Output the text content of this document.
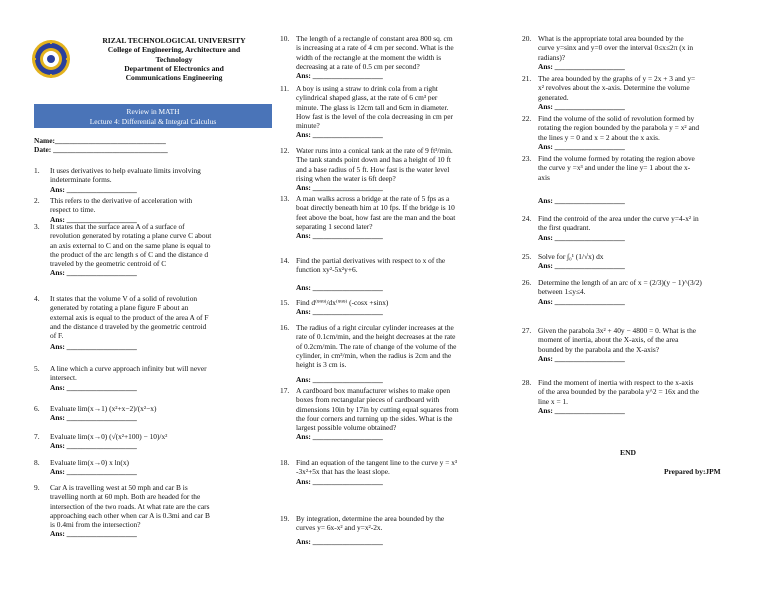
RIZAL TECHNOLOGICAL UNIVERSITY
College of Engineering, Architecture and
Technology
Department of Electronics and
Communications Engineering
Review in MATH
Lecture 4: Differential & Integral Calculus
Name:______________________________
Date: _______________________________
1.	It uses derivatives to help evaluate limits involving
indeterminate forms.
Ans: ___________________
2.	This refers to the derivative of acceleration with
respect to time.
Ans: ___________________
3.	It states that the surface area A of a surface of
revolution generated by rotating a plane curve C about
an axis external to C and on the same plane is equal to
the product of the arc length s of C and the distance d
traveled by the geometric centroid of C
Ans: ___________________
4.	It states that the volume V of a solid of revolution
generated by rotating a plane figure F about an
external axis is equal to the product of the area A of F
and the distance d traveled by the geometric centroid
of F.
Ans: ___________________
5.	A line which a curve approach infinity but will never
intersect.
Ans: ___________________
6.	Evaluate lim(x→1) (x²+x−2)/(x²−x)
Ans: ___________________
7.	Evaluate lim(x→0) (√(x²+100) − 10)/x²
Ans: ___________________
8.	Evaluate lim(x→0) x ln(x)
Ans: ___________________
9.	Car A is travelling west at 50 mph and car B is
travelling north at 60 mph. Both are headed for the
intersection of the two roads. At what rate are the cars
approaching each other when car A is 0.3mi and car B
is 0.4mi from the intersection?
Ans: ___________________
10. The length of a rectangle of constant area 800 sq. cm
is increasing at a rate of 4 cm per second. What is the
width of the rectangle at the moment the width is
decreasing at a rate of 0.5 cm per second?
Ans: ___________________
11. A boy is using a straw to drink cola from a right
cylindrical shaped glass, at the rate of 6 cm³ per
minute. The glass is 12cm tall and 6cm in diameter.
How fast is the level of the cola decreasing in cm per
minute?
Ans: ___________________
12. Water runs into a conical tank at the rate of 9 ft³/min.
The tank stands point down and has a height of 10 ft
and a base radius of 5 ft. How fast is the water level
rising when the water is 6ft deep?
Ans: ___________________
13. A man walks across a bridge at the rate of 5 fps as a
boat directly beneath him at 10 fps. If the bridge is 10
feet above the boat, how fast are the man and the boat
separating 1 second later?
Ans: ___________________
14. Find the partial derivatives with respect to x of the
function xy²-5x²y+6.
Ans: ___________________
15. Find d⁽⁹⁹⁹⁾/dx⁽⁹⁹⁹⁾ (-cosx +sinx)
Ans: ___________________
16. The radius of a right circular cylinder increases at the
rate of 0.1cm/min, and the height decreases at the rate
of 0.2cm/min. The rate of change of the volume of the
cylinder, in cm³/min, when the radius is 2cm and the
height is 3 cm is.
Ans: ___________________
17. A cardboard box manufacturer wishes to make open
boxes from rectangular pieces of cardboard with
dimensions 10in by 17in by cutting equal squares from
the four corners and turning up the sides. What is the
largest possible volume obtained?
Ans: ___________________
18. Find an equation of the tangent line to the curve y = x³
-3x²+5x that has the least slope.
Ans: ___________________
19. By integration, determine the area bounded by the
curves y= 6x-x² and y=x²-2x.
Ans: ___________________
20. What is the appropriate total area bounded by the
curve y=sinx and y=0 over the interval 0≤x≤2π (x in
radians)?
Ans: ___________________
21. The area bounded by the graphs of y = 2x + 3 and y=
x² revolves about the x-axis. Determine the volume
generated.
Ans: ___________________
22. Find the volume of the solid of revolution formed by
rotating the region bounded by the parabola y = x² and
the lines y = 0 and x = 2 about the x axis.
Ans: ___________________
23. Find the volume formed by rotating the region above
the curve y =x³ and under the line y= 1 about the x-
axis
Ans: ___________________
24. Find the centroid of the area under the curve y=4-x² in
the first quadrant.
Ans: ___________________
25. Solve for ∫₀¹ (1/√x) dx
Ans: ___________________
26. Determine the length of an arc of x = (2/3)(y − 1)^(3/2)
between 1≤y≤4.
Ans: ___________________
27. Given the parabola 3x² + 40y − 4800 = 0. What is the
moment of inertia, about the X-axis, of the area
bounded by the parabola and the X-axis?
Ans: ___________________
28. Find the moment of inertia with respect to the x-axis
of the area bounded by the parabola y^2 = 16x and the
line x = 1.
Ans: ___________________
END
Prepared by:JPM
